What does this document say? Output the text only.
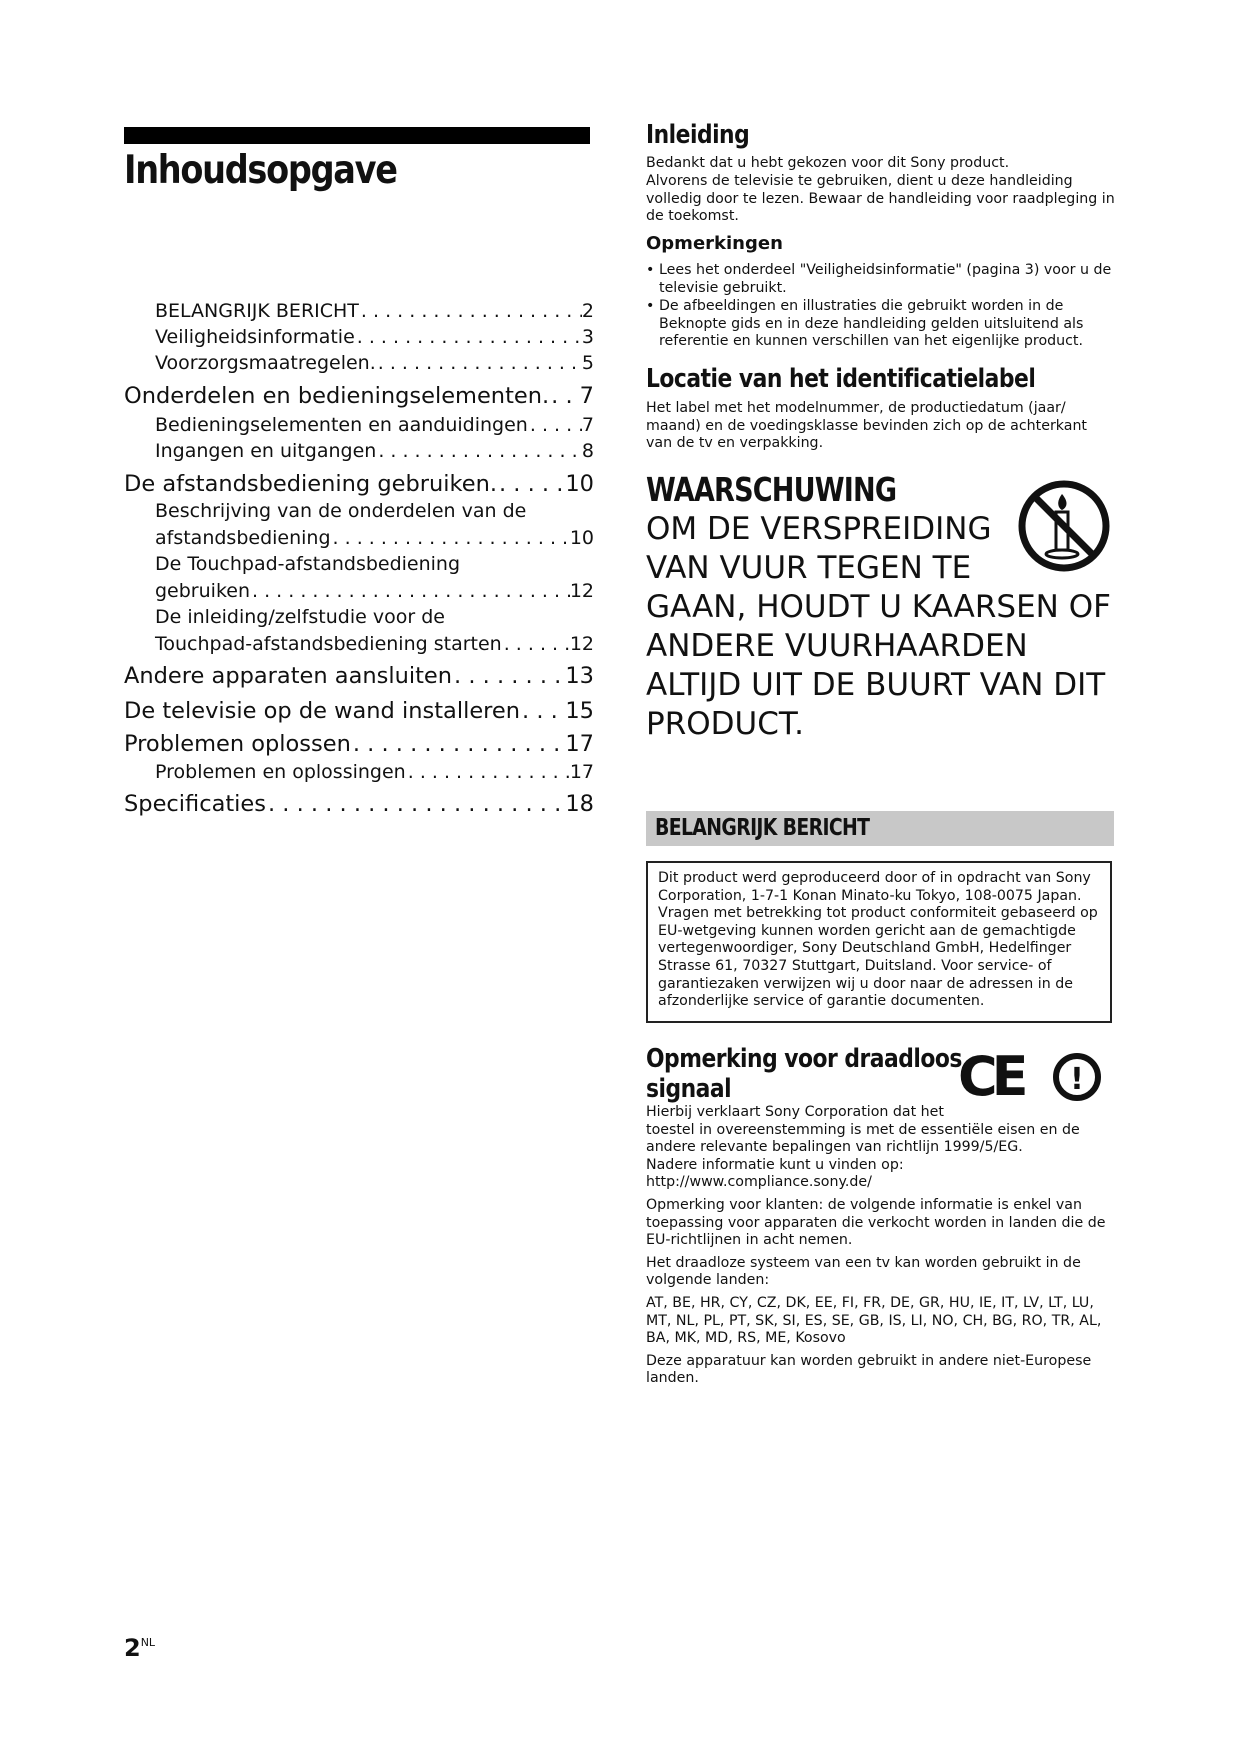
Inhoudsopgave
BELANGRIJK BERICHT . . .	2
Veiligheidsinformatie . . .	3
Voorzorgsmaatregelen. . . .	5
Onderdelen en bedieningselementen. . . . 7
Bedieningselementen en aanduidingen . . .	7
Ingangen en uitgangen . . .	8
De afstandsbediening gebruiken. . . .	10
Beschrijving van de onderdelen van de
afstandsbediening . . .	10
De Touchpad-afstandsbediening
gebruiken . . .	12
De inleiding/zelfstudie voor de
Touchpad-afstandsbediening starten . . .	12
Andere apparaten aansluiten . . .	13
De televisie op de wand installeren . . . 15
Problemen oplossen . . .	17
Problemen en oplossingen . . .	17
Specificaties . . .	18
Inleiding

Bedankt dat u hebt gekozen voor dit Sony product.

Alvorens de televisie te gebruiken, dient u deze handleiding volledig door te lezen. Bewaar de handleiding voor raadpleging in de toekomst.

Opmerkingen
• Lees het onderdeel "Veiligheidsinformatie" (pagina 3) voor u de televisie gebruikt.
• De afbeeldingen en illustraties die gebruikt worden in de Beknopte gids en in deze handleiding gelden uitsluitend als referentie en kunnen verschillen van het eigenlijke product.
Locatie van het identificatielabel

Het label met het modelnummer, de productiedatum (jaar/ maand) en de voedingsklasse bevinden zich op de achterkant van de tv en verpakking.

WAARSCHUWING
OM DE VERSPREIDING
VAN VUUR TEGEN TE
GAAN, HOUDT U KAARSEN OF
ANDERE VUURHAARDEN
ALTIJD UIT DE BUURT VAN DIT
PRODUCT.
BELANGRIJK BERICHT

Dit product werd geproduceerd door of in opdracht van Sony Corporation, 1-7-1 Konan Minato-ku Tokyo, 108-0075 Japan. Vragen met betrekking tot product conformiteit gebaseerd op EU-wetgeving kunnen worden gericht aan de gemachtigde vertegenwoordiger, Sony Deutschland GmbH, Hedelfinger Strasse 61, 70327 Stuttgart, Duitsland. Voor service- of garantiezaken verwijzen wij u door naar de adressen in de afzonderlijke service of garantie documenten.

Opmerking voor draadloos
signaal	CE !

Hierbij verklaart Sony Corporation dat het

toestel in overeenstemming is met de essentiële eisen en de andere relevante bepalingen van richtlijn 1999/5/EG.

Nadere informatie kunt u vinden op:

http://www.compliance.sony.de/

Opmerking voor klanten: de volgende informatie is enkel van toepassing voor apparaten die verkocht worden in landen die de EU-richtlijnen in acht nemen.

Het draadloze systeem van een tv kan worden gebruikt in de volgende landen:

AT, BE, HR, CY, CZ, DK, EE, FI, FR, DE, GR, HU, IE, IT, LV, LT, LU, MT, NL, PL, PT, SK, SI, ES, SE, GB, IS, LI, NO, CH, BG, RO, TR, AL, BA, MK, MD, RS, ME, Kosovo

Deze apparatuur kan worden gebruikt in andere niet-Europese landen.

$2^{NL}$
